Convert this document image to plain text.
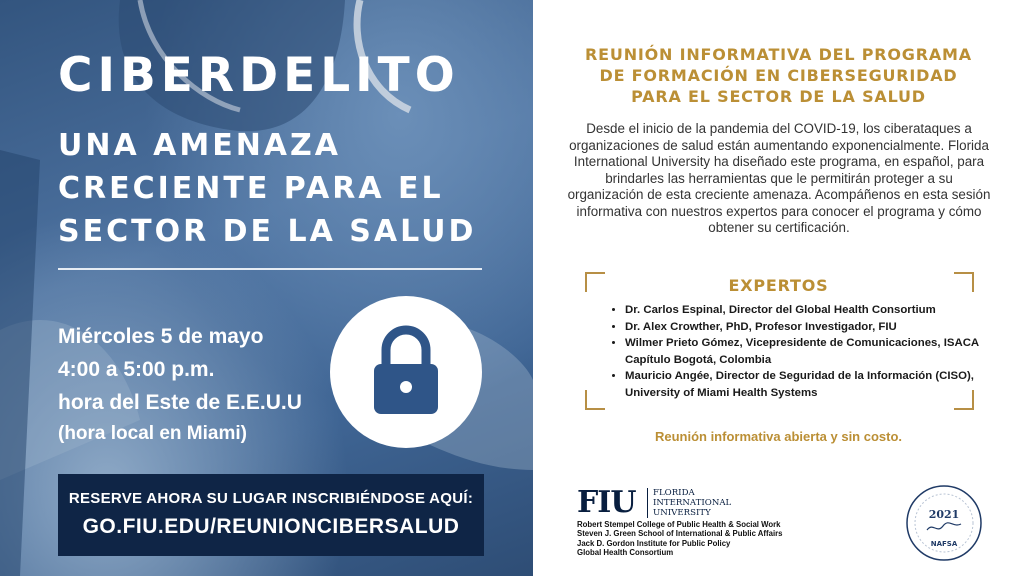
CIBERDELITO
UNA AMENAZA
CRECIENTE PARA EL
SECTOR DE LA SALUD
Miércoles 5 de mayo
4:00 a 5:00 p.m.
hora del Este de E.E.U.U
(hora local en Miami)
RESERVE AHORA SU LUGAR INSCRIBIÉNDOSE AQUÍ:
GO.FIU.EDU/REUNIONCIBERSALUD
REUNIÓN INFORMATIVA DEL PROGRAMA
DE FORMACIÓN EN CIBERSEGURIDAD
PARA EL SECTOR DE LA SALUD
Desde el inicio de la pandemia del COVID-19, los ciberataques a organizaciones de salud están aumentando exponencialmente. Florida International University ha diseñado este programa, en español, para brindarles las herramientas que le permitirán proteger a su organización de esta creciente amenaza. Acompáñenos en esta sesión informativa con nuestros expertos para conocer el programa y cómo obtener su certificación.
EXPERTOS
• Dr. Carlos Espinal, Director del Global Health Consortium
• Dr. Alex Crowther, PhD, Profesor Investigador, FIU
• Wilmer Prieto Gómez, Vicepresidente de Comunicaciones, ISACA Capítulo Bogotá, Colombia
• Mauricio Angée, Director de Seguridad de la Información (CISO), University of Miami Health Systems
Reunión informativa abierta y sin costo.
FIU FLORIDA
INTERNATIONAL
UNIVERSITY
Robert Stempel College of Public Health & Social Work
Steven J. Green School of International & Public Affairs
Jack D. Gordon Institute for Public Policy
Global Health Consortium
2021
NAFSA
